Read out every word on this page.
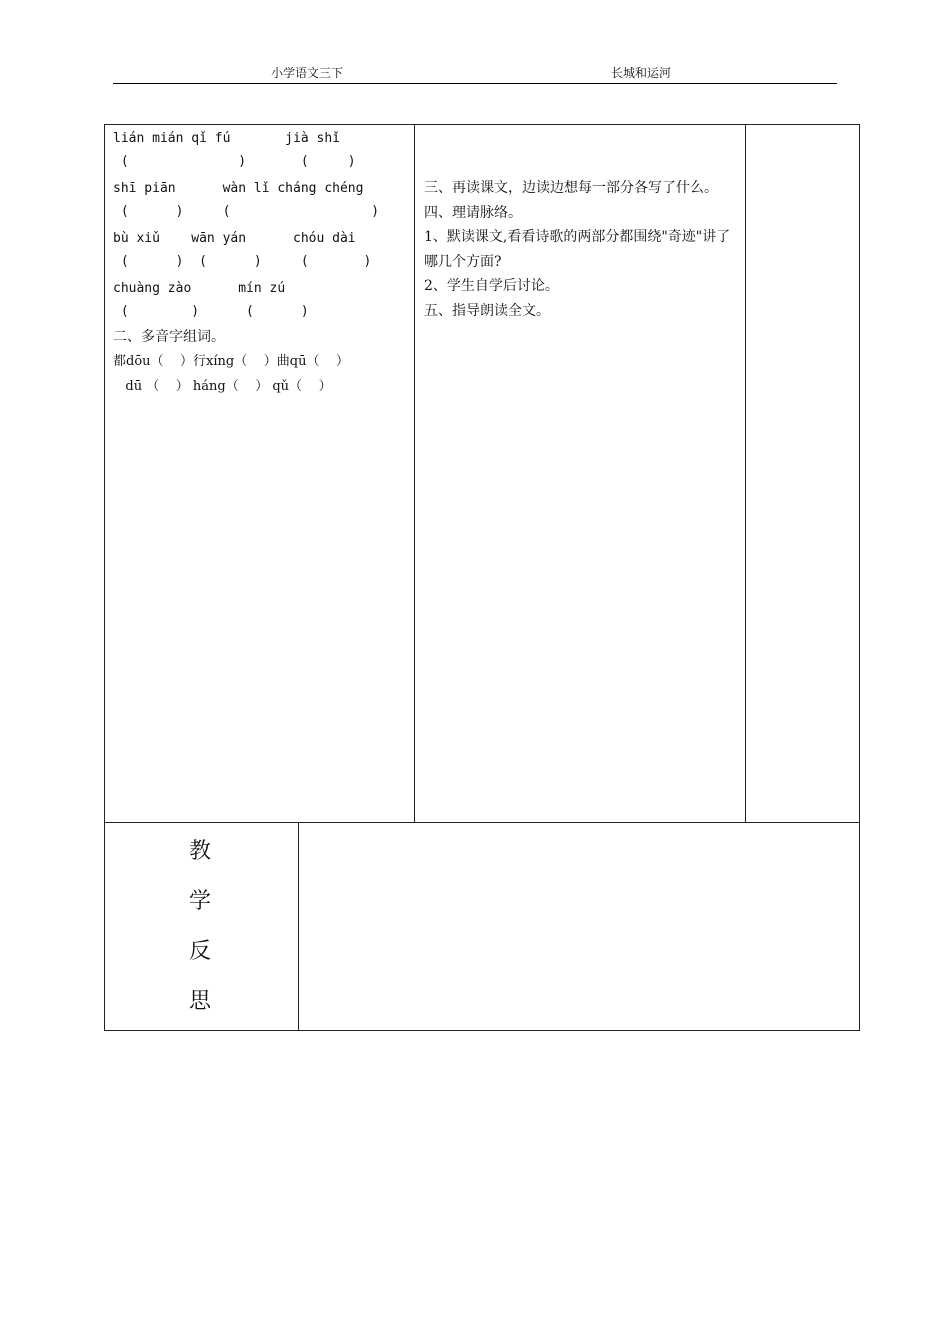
小学语文三下	长城和运河
lián mián qǐ fú       jià shǐ
(              )       (     )
shī piān      wàn lǐ cháng chéng
(      )     (                  )
bù xiǔ    wān yán      chóu dài
(      )  (      )     (       )
chuàng zào      mín zú
(        )      (      )
二、多音字组词。
都dōu（    ）行xíng（    ）曲qū（    ）
dū （    ） háng（    ） qǔ（    ）

三、再读课文，边读边想每一部分各写了什么。

四、理请脉络。

1、默读课文,看看诗歌的两部分都围绕"奇迹"讲了哪几个方面?

2、学生自学后讨论。

五、指导朗读全文。

教
学
反
思
